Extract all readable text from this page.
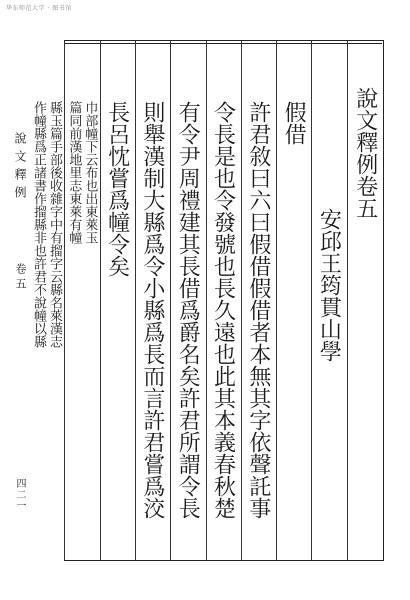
华东师范大学 · 图书馆
說文釋例
卷五
四二一
說文釋例卷五
安邱王筠貫山學
假借
許君敘曰六曰假借假借者本無其字依聲託事
令長是也令發號也長久遠也此其本義春秋楚
有令尹周禮建其長借爲爵名矣許君所謂令長
則舉漢制大縣爲令小縣爲長而言許君嘗爲洨
長呂忱嘗爲幢令矣
巾部幢下云布也出東萊玉
篇同前漢地里志東萊有幢
縣玉篇手部後收雜字中有㨨字云縣名萊漢志
作幢縣爲正諸書作㨨縣非也許君不說幢以縣
